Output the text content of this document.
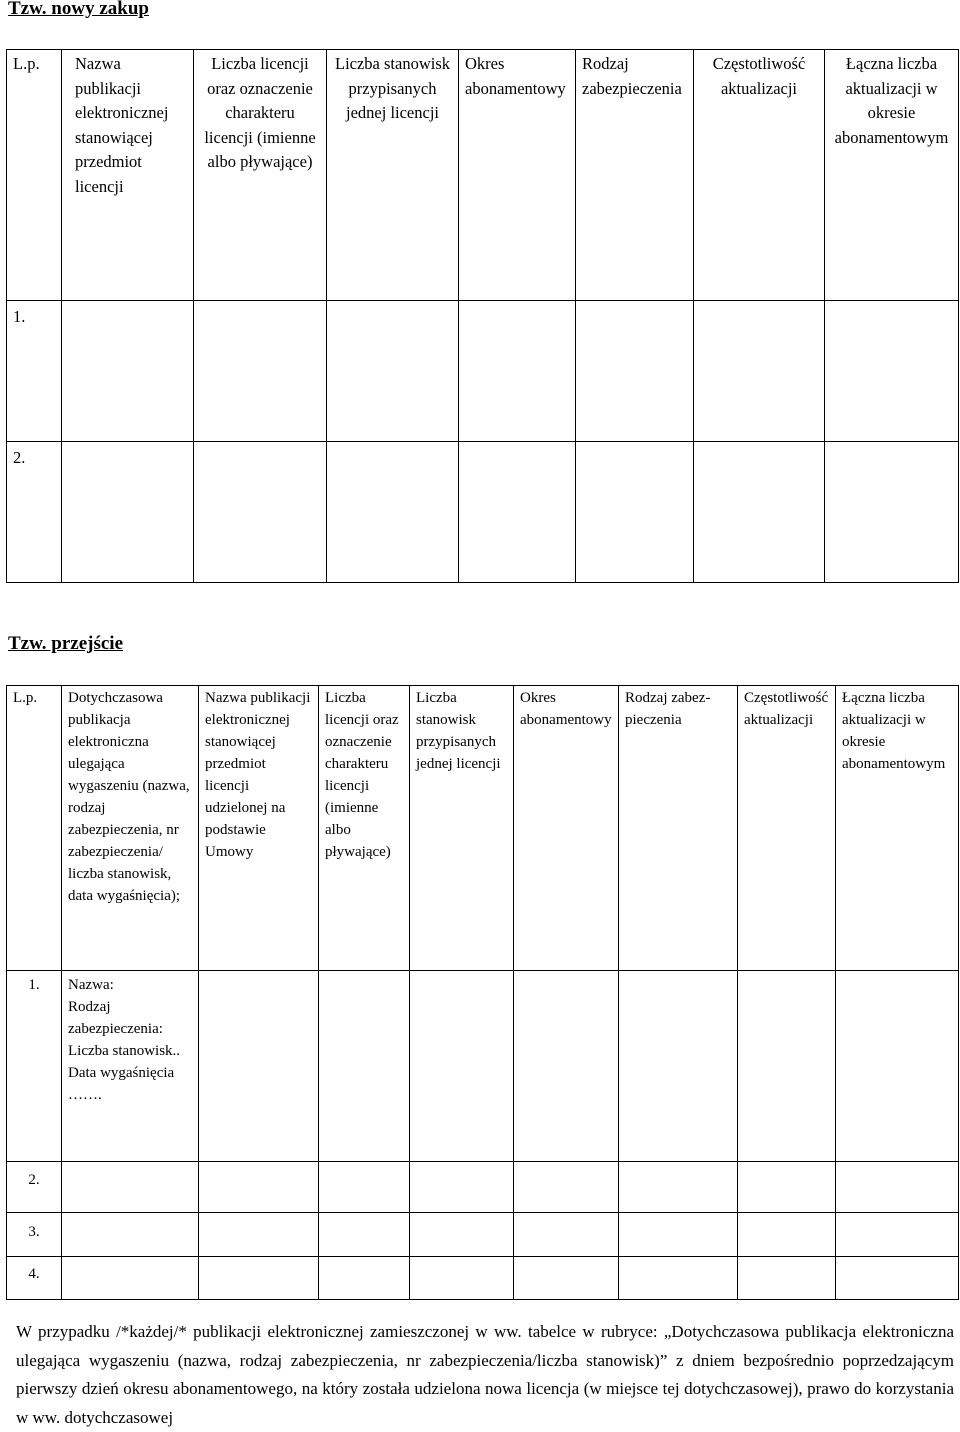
Tzw. nowy zakup
L.p.	Nazwa publikacji elektronicznej stanowiącej przedmiot licencji	Liczba licencji oraz oznaczenie charakteru licencji (imienne albo pływające)	Liczba stanowisk przypisanych jednej licencji	Okres abonamentowy	Rodzaj zabezpieczenia	Częstotliwość aktualizacji	Łączna liczba aktualizacji w okresie abonamentowym
1.							
2.							
Tzw. przejście
L.p.	Dotychczasowa publikacja elektroniczna ulegająca wygaszeniu (nazwa, rodzaj zabezpieczenia, nr zabezpieczenia/ liczba stanowisk, data wygaśnięcia);	Nazwa publikacji elektronicznej stanowiącej przedmiot licencji udzielonej na podstawie Umowy	Liczba licencji oraz oznaczenie charakteru licencji (imienne albo pływające)	Liczba stanowisk przypisanych jednej licencji	Okres abonamentowy	Rodzaj zabez-pieczenia	Częstotliwość aktualizacji	Łączna liczba aktualizacji w okresie abonamentowym
1.	Nazwa:
Rodzaj zabezpieczenia:
Liczba stanowisk..
Data wygaśnięcia
…….							

2.								
3.								
4.								

W przypadku /*każdej/* publikacji elektronicznej zamieszczonej w ww. tabelce w rubryce: „Dotychczasowa publikacja elektroniczna ulegająca wygaszeniu (nazwa, rodzaj zabezpieczenia, nr zabezpieczenia/liczba stanowisk)” z dniem bezpośrednio poprzedzającym pierwszy dzień okresu abonamentowego, na który została udzielona nowa licencja (w miejsce tej dotychczasowej), prawo do korzystania w ww. dotychczasowej
